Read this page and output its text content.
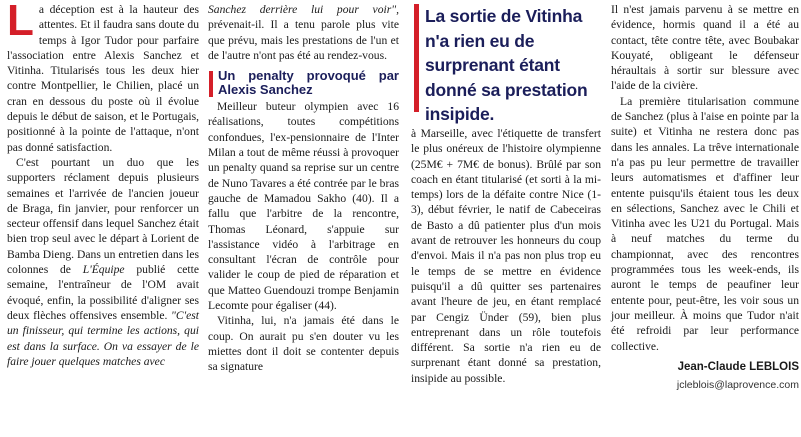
La déception est à la hauteur des attentes. Et il faudra sans doute du temps à Igor Tudor pour parfaire l'association entre Alexis Sanchez et Vitinha. Titularisés tous les deux hier contre Montpellier, le Chilien, placé un cran en dessous du poste où il évolue depuis le début de saison, et le Portugais, positionné à la pointe de l'attaque, n'ont pas donné satisfaction.

C'est pourtant un duo que les supporters réclament depuis plusieurs semaines et l'arrivée de l'ancien joueur de Braga, fin janvier, pour renforcer un secteur offensif dans lequel Sanchez était bien trop seul avec le départ à Lorient de Bamba Dieng. Dans un entretien dans les colonnes de L'Équipe publié cette semaine, l'entraîneur de l'OM avait évoqué, enfin, la possibilité d'aligner ses deux flèches offensives ensemble. "C'est un finisseur, qui termine les actions, qui est dans la surface. On va essayer de le faire jouer quelques matches avec

Sanchez derrière lui pour voir", prévenait-il. Il a tenu parole plus vite que prévu, mais les prestations de l'un et de l'autre n'ont pas été au rendez-vous.

Un penalty provoqué par Alexis Sanchez

Meilleur buteur olympien avec 16 réalisations, toutes compétitions confondues, l'ex-pensionnaire de l'Inter Milan a tout de même réussi à provoquer un penalty quand sa reprise sur un centre de Nuno Tavares a été contrée par le bras gauche de Mamadou Sakho (40). Il a fallu que l'arbitre de la rencontre, Thomas Léonard, s'appuie sur l'assistance vidéo à l'arbitrage en consultant l'écran de contrôle pour valider le coup de pied de réparation et que Matteo Guendouzi trompe Benjamin Lecomte pour égaliser (44).

Vitinha, lui, n'a jamais été dans le coup. On aurait pu s'en douter vu les miettes dont il doit se contenter depuis sa signature

La sortie de Vitinha n'a rien eu de surprenant étant donné sa prestation insipide.

à Marseille, avec l'étiquette de transfert le plus onéreux de l'histoire olympienne (25M€ + 7M€ de bonus). Brûlé par son coach en étant titularisé (et sorti à la mi-temps) lors de la défaite contre Nice (1-3), début février, le natif de Cabeceiras de Basto a dû patienter plus d'un mois avant de retrouver les honneurs du coup d'envoi. Mais il n'a pas non plus trop eu le temps de se mettre en évidence puisqu'il a dû quitter ses partenaires avant l'heure de jeu, en étant remplacé par Cengiz Ünder (59), bien plus entreprenant dans un rôle toutefois différent. Sa sortie n'a rien eu de surprenant étant donné sa prestation, insipide au possible.

Il n'est jamais parvenu à se mettre en évidence, hormis quand il a été au contact, tête contre tête, avec Boubakar Kouyaté, obligeant le défenseur héraultais à sortir sur blessure avec l'aide de la civière.

La première titularisation commune de Sanchez (plus à l'aise en pointe par la suite) et Vitinha ne restera donc pas dans les annales. La trêve internationale n'a pas pu leur permettre de travailler leurs automatismes et d'affiner leur entente puisqu'ils étaient tous les deux en sélections, Sanchez avec le Chili et Vitinha avec les U21 du Portugal. Mais à neuf matches du terme du championnat, avec des rencontres programmées tous les week-ends, ils auront le temps de peaufiner leur entente pour, peut-être, les voir sous un jour meilleur. À moins que Tudor n'ait été refroidi par leur performance collective.

Jean-Claude LEBLOIS
jcleblois@laprovence.com
